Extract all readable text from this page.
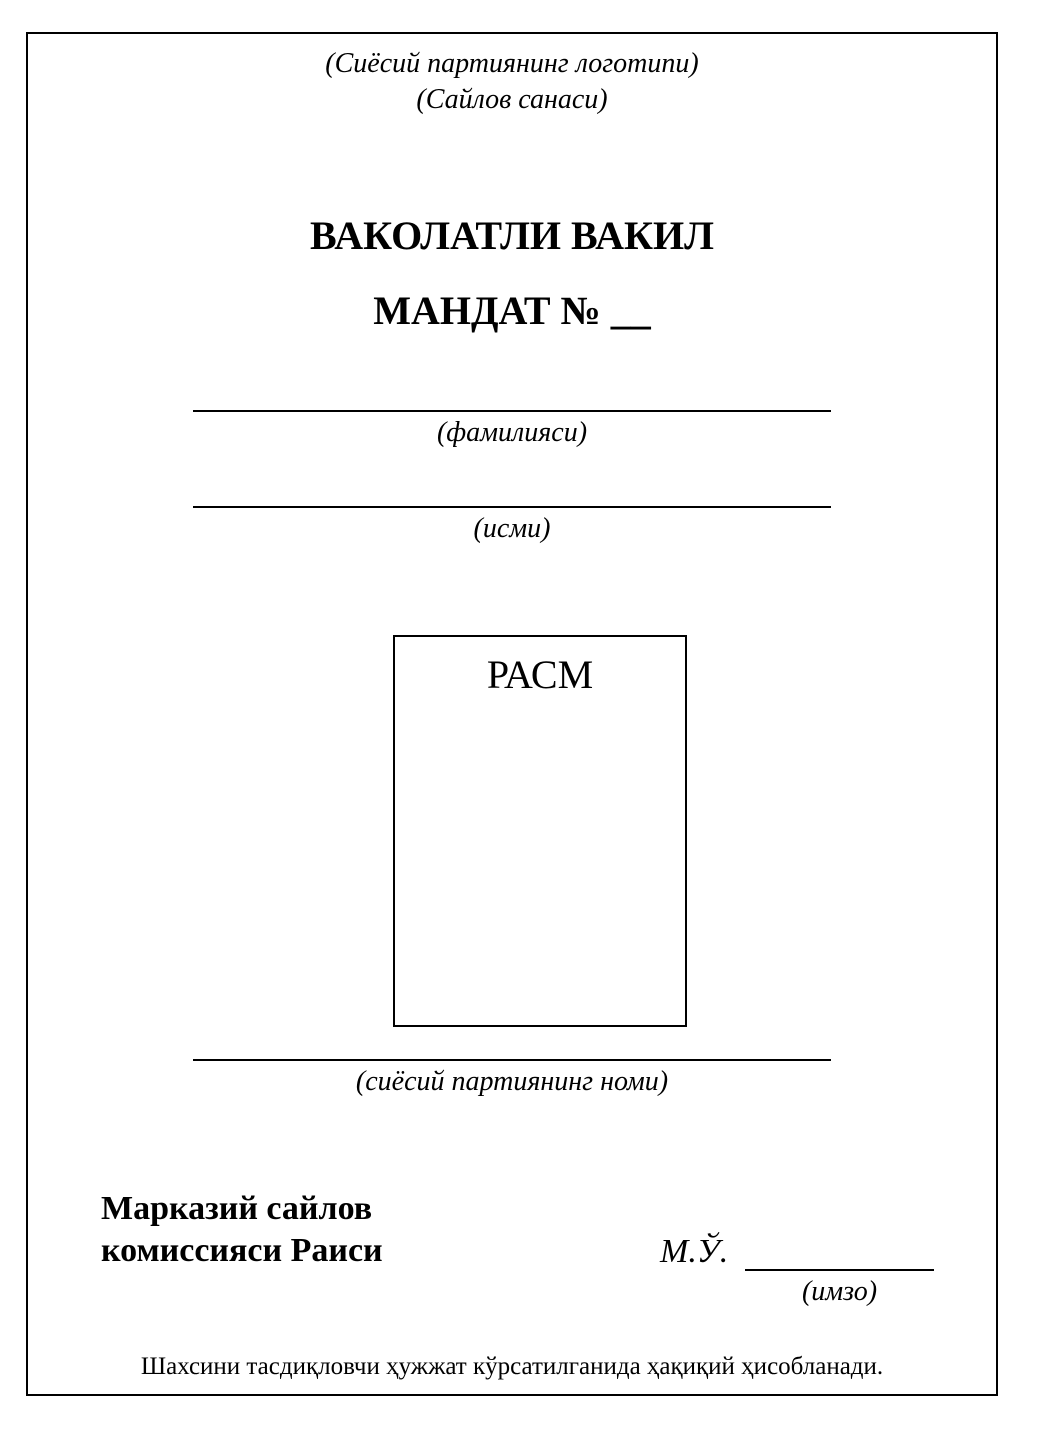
(Сиёсий партиянинг логотипи)
(Сайлов санаси)
ВАКОЛАТЛИ ВАКИЛ
МАНДАТ № __
(фамилияси)
(исми)
РАСМ
(сиёсий партиянинг номи)
Марказий сайлов
комиссияси Раиси	М.Ў.
(имзо)
Шахсини тасдиқловчи ҳужжат кўрсатилганида ҳақиқий ҳисобланади.
